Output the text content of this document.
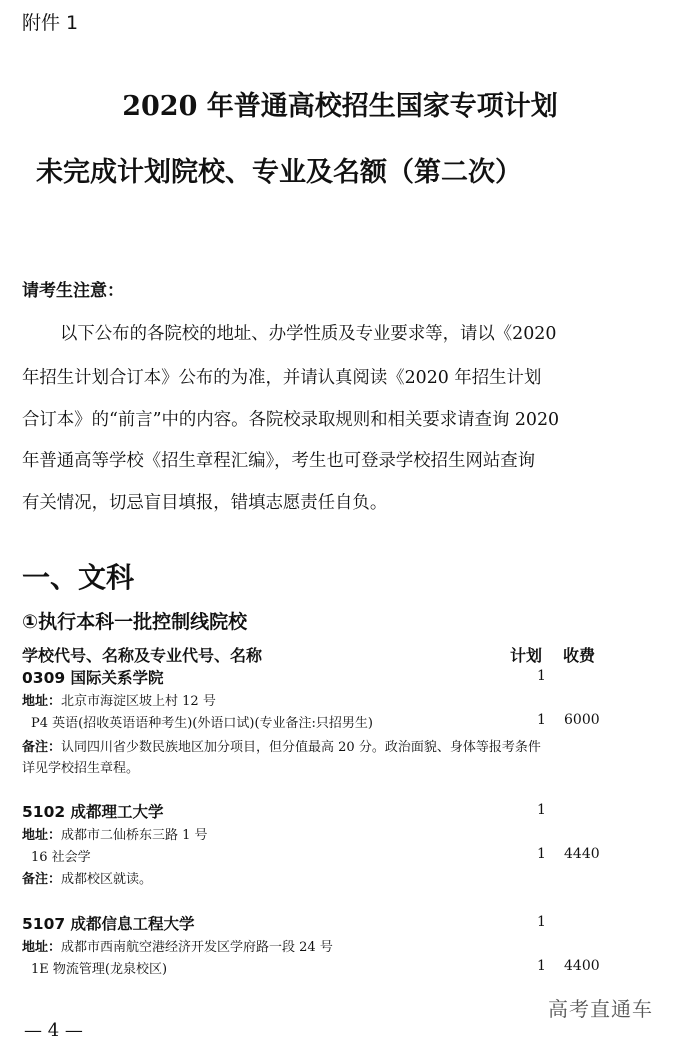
附件 1
2020 年普通高校招生国家专项计划
未完成计划院校、专业及名额（第二次）
请考生注意：
以下公布的各院校的地址、办学性质及专业要求等，请以《2020
年招生计划合订本》公布的为准，并请认真阅读《2020 年招生计划
合订本》的“前言”中的内容。各院校录取规则和相关要求请查询 2020
年普通高等学校《招生章程汇编》，考生也可登录学校招生网站查询
有关情况，切忌盲目填报，错填志愿责任自负。
一、文科
①执行本科一批控制线院校
学校代号、名称及专业代号、名称	计划 收费
0309 国际关系学院	1
地址：北京市海淀区坡上村 12 号
P4 英语(招收英语语种考生)(外语口试)(专业备注:只招男生)	1 6000
备注：认同四川省少数民族地区加分项目，但分值最高 20 分。政治面貌、身体等报考条件
详见学校招生章程。
5102 成都理工大学	1
地址：成都市二仙桥东三路 1 号
16 社会学	1 4440
备注：成都校区就读。
5107 成都信息工程大学	1
地址：成都市西南航空港经济开发区学府路一段 24 号
1E 物流管理(龙泉校区)	1 4400
高考直通车
— 4 —
